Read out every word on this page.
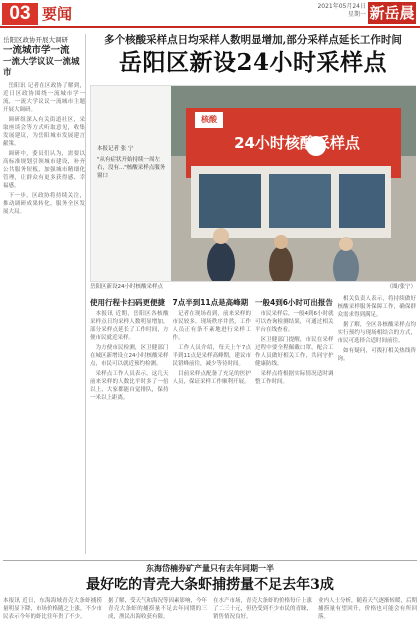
03 要闻	2021年05月24日
星期一 新岳晨
岳阳区政协开展大调研
一流城市学一流
一流大学议议一流城市

岳阳讯 记者在区政协了解到，近日区政协围绕一流城市学一流，一流大学议议一流城市主题开展大调研。

调研组深入有关街道社区，采取座谈会等方式听取意见，收集发展建议，为岳阳城市发展建言献策。

调研中，委员们认为，需要以高标准规划引领城市建设，补齐公共服务短板，加强城市精细化管理，让群众有更多获得感、幸福感。

下一步，区政协将持续关注，推动调研成果转化，服务全区发展大局。

多个核酸采样点日均采样人数明显增加,部分采样点延长工作时间
岳阳区新设24小时采样点
本报记者 张 宁
"从有症状开始持续一周左右，没有..."核酸采样点服务窗口
24小时核酸采样点
核酸
岳阳区新设24小时核酸采样点	（图/张宁）
使用行程卡扫码更便捷

本报讯 近期，岳阳区各核酸采样点日均采样人数明显增加，部分采样点延长了工作时间，方便市民就近采样。

为方便市民检测，区卫健部门在城区新增设立24小时核酸采样点，市民可以就近预约检测。

采样点工作人员表示，这几天前来采样的人数比平时多了一倍以上，大家都能自觉排队，保持一米以上距离。

7点半到11点是高峰期

记者在现场看到，前来采样的市民较多，现场秩序井然，工作人员正有条不紊地进行采样工作。

工作人员介绍，每天上午7点半到11点是采样高峰期，建议市民错峰前往，减少等待时间。

目前采样点配备了充足的医护人员，保证采样工作顺利开展。

一般4到6小时可出报告

市民采样后，一般4到6小时就可以查询检测结果，可通过相关平台在线查看。

区卫健部门提醒，市民在采样过程中要全程佩戴口罩，配合工作人员做好相关工作，共同守护健康防线。

采样点将根据实际情况适时调整工作时间。

相关负责人表示，将持续做好核酸采样服务保障工作，确保群众需求得到满足。

据了解，全区各核酸采样点均实行预约与现场相结合的方式，市民可选择合适时间前往。

如有疑问，可拨打相关热线咨询。

东海岱楠券矿产量只有去年同期一半
最好吃的青壳大条虾捕捞量不足去年3成
本报讯 近日，东海海域青壳大条虾捕捞量明显下降，市场价格随之上涨，不少市民表示今年的虾比往年贵了不少。
据了解，受天气和海况等因素影响，今年青壳大条虾的捕捞量不足去年同期的三成，渔民出海收获有限。
在水产市场，青壳大条虾的价格每斤上涨了二三十元，但仍受到不少市民的青睐，销售情况良好。
业内人士分析，随着天气逐渐转暖，后期捕捞量有望回升，价格也可能会有所回落。
